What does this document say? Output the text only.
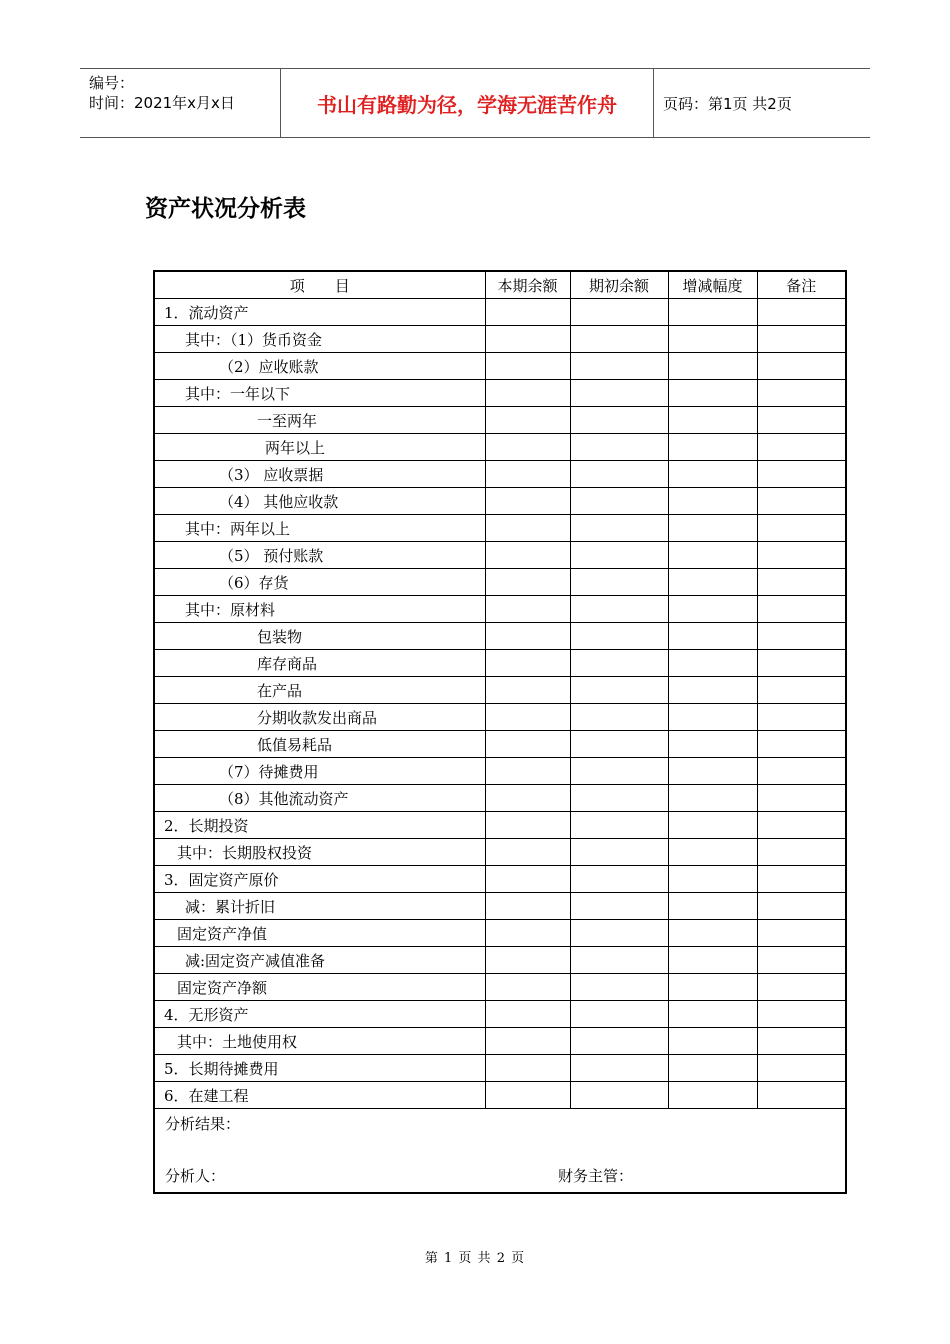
编号：
时间：2021年x月x日	书山有路勤为径，学海无涯苦作舟	页码：第1页 共2页
资产状况分析表
项　　目	本期余额	期初余额	增减幅度	备注
1．流动资产				
其中：（1）货币资金				
（2）应收账款				
其中：一年以下				
一至两年				
两年以上				
（3） 应收票据				
（4） 其他应收款				
其中：两年以上				
（5） 预付账款				
（6）存货				
其中：原材料				
包装物				
库存商品				
在产品				
分期收款发出商品				
低值易耗品				
（7）待摊费用				
（8）其他流动资产				
2．长期投资				
其中：长期股权投资				
3．固定资产原价				
减：累计折旧				
固定资产净值				
减:固定资产减值准备				
固定资产净额				
4．无形资产				
其中：土地使用权				
5．长期待摊费用				
6．在建工程				

分析结果：
分析人： 财务主管：				
第 1 页 共 2 页
